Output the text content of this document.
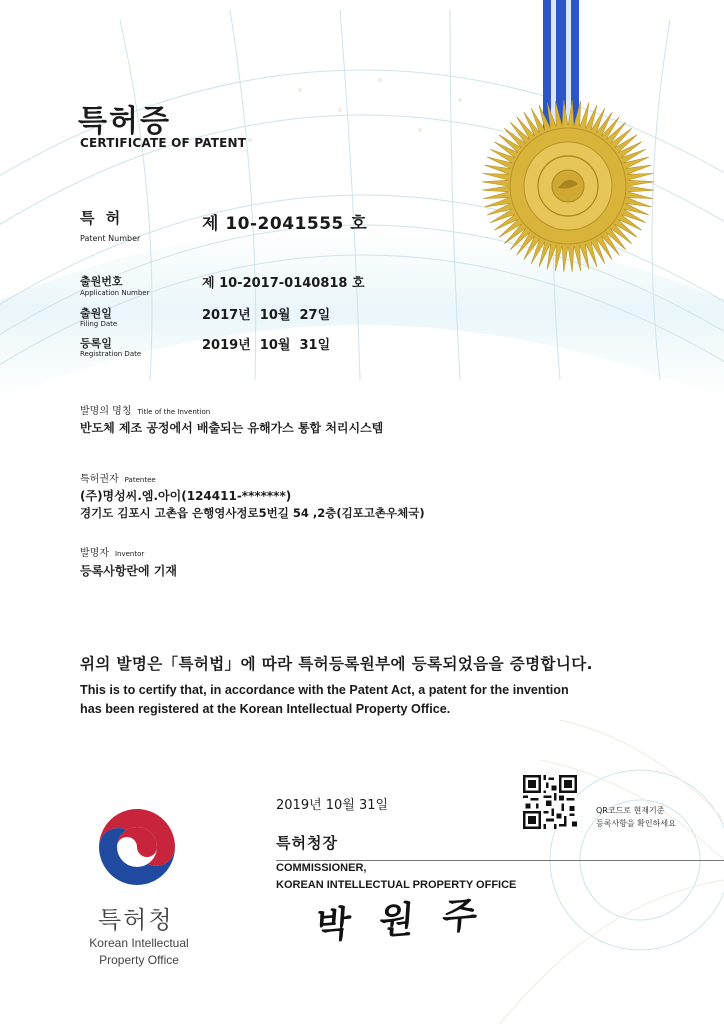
특허증
CERTIFICATE OF PATENT
특 허
Patent Number
제 10-2041555 호
출원번호
Application Number
제 10-2017-0140818 호
출원일
Filing Date
2017년  10월  27일
등록일
Registration Date
2019년  10월  31일
발명의 명칭 Title of the Invention
반도체 제조 공정에서 배출되는 유해가스 통합 처리시스템
특허권자 Patentee
(주)명성씨.엠.아이(124411-*******)
경기도 김포시 고촌읍 은행영사정로5번길 54 ,2층(김포고촌우체국)
발명자 Inventor
등록사항란에 기재
위의 발명은「특허법」에 따라 특허등록원부에 등록되었음을 증명합니다.
This is to certify that, in accordance with the Patent Act, a patent for the invention
has been registered at the Korean Intellectual Property Office.
2019년 10월 31일	QR코드로 현재기준
등록사항을 확인하세요
특허청장
COMMISSIONER,
KOREAN INTELLECTUAL PROPERTY OFFICE
박 원 주
특허청
Korean Intellectual
Property Office
